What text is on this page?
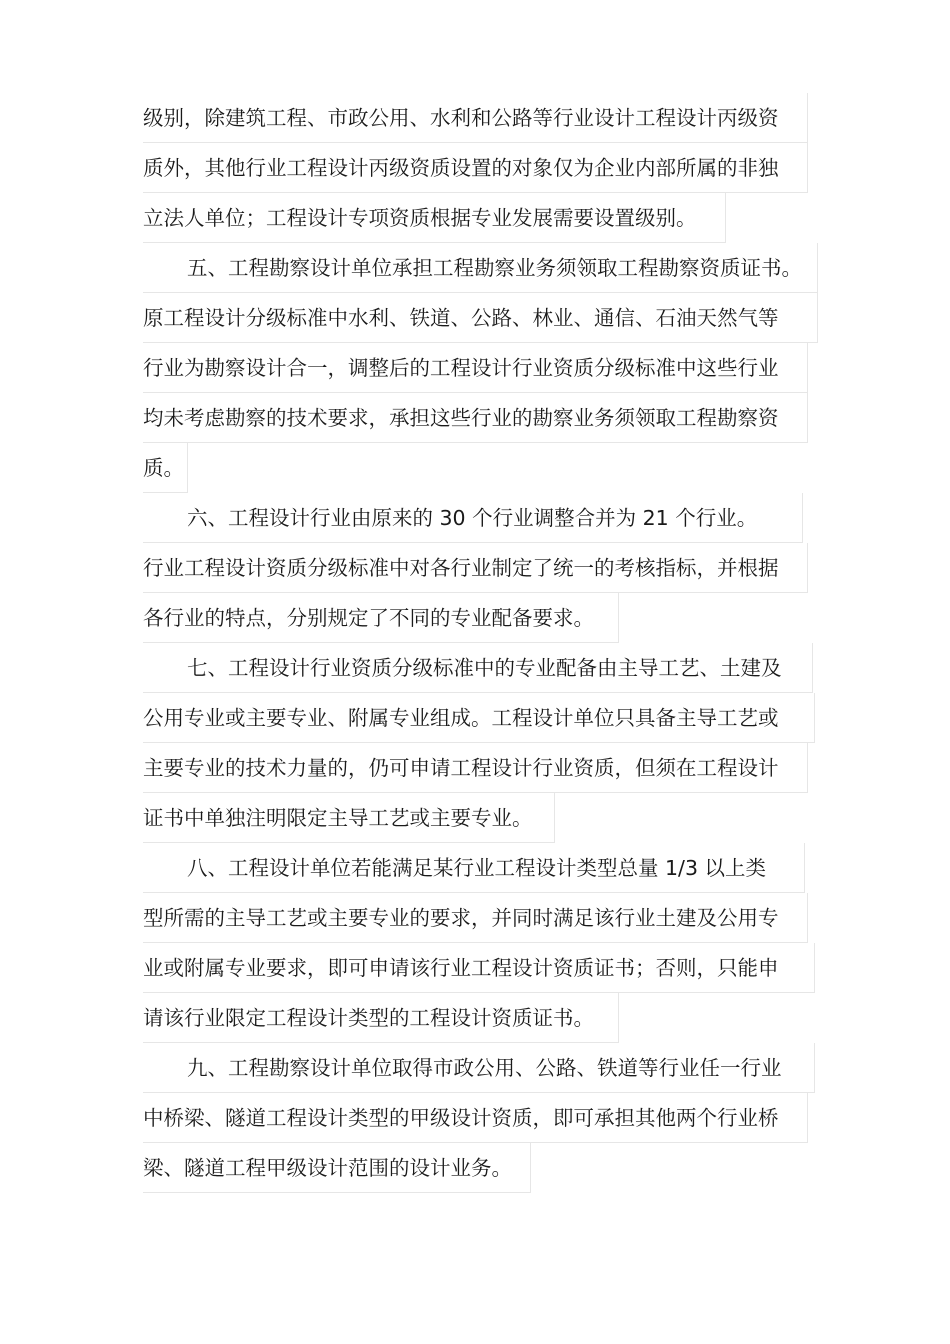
级别，除建筑工程、市政公用、水利和公路等行业设计工程设计丙级资
质外，其他行业工程设计丙级资质设置的对象仅为企业内部所属的非独
立法人单位；工程设计专项资质根据专业发展需要设置级别。
五、工程勘察设计单位承担工程勘察业务须领取工程勘察资质证书。
原工程设计分级标准中水利、铁道、公路、林业、通信、石油天然气等
行业为勘察设计合一，调整后的工程设计行业资质分级标准中这些行业
均未考虑勘察的技术要求，承担这些行业的勘察业务须领取工程勘察资
质。
六、工程设计行业由原来的 30 个行业调整合并为 21 个行业。
行业工程设计资质分级标准中对各行业制定了统一的考核指标，并根据
各行业的特点，分别规定了不同的专业配备要求。
七、工程设计行业资质分级标准中的专业配备由主导工艺、土建及
公用专业或主要专业、附属专业组成。工程设计单位只具备主导工艺或
主要专业的技术力量的，仍可申请工程设计行业资质，但须在工程设计
证书中单独注明限定主导工艺或主要专业。
八、工程设计单位若能满足某行业工程设计类型总量 1/3 以上类
型所需的主导工艺或主要专业的要求，并同时满足该行业土建及公用专
业或附属专业要求，即可申请该行业工程设计资质证书；否则，只能申
请该行业限定工程设计类型的工程设计资质证书。
九、工程勘察设计单位取得市政公用、公路、铁道等行业任一行业
中桥梁、隧道工程设计类型的甲级设计资质，即可承担其他两个行业桥
梁、隧道工程甲级设计范围的设计业务。
